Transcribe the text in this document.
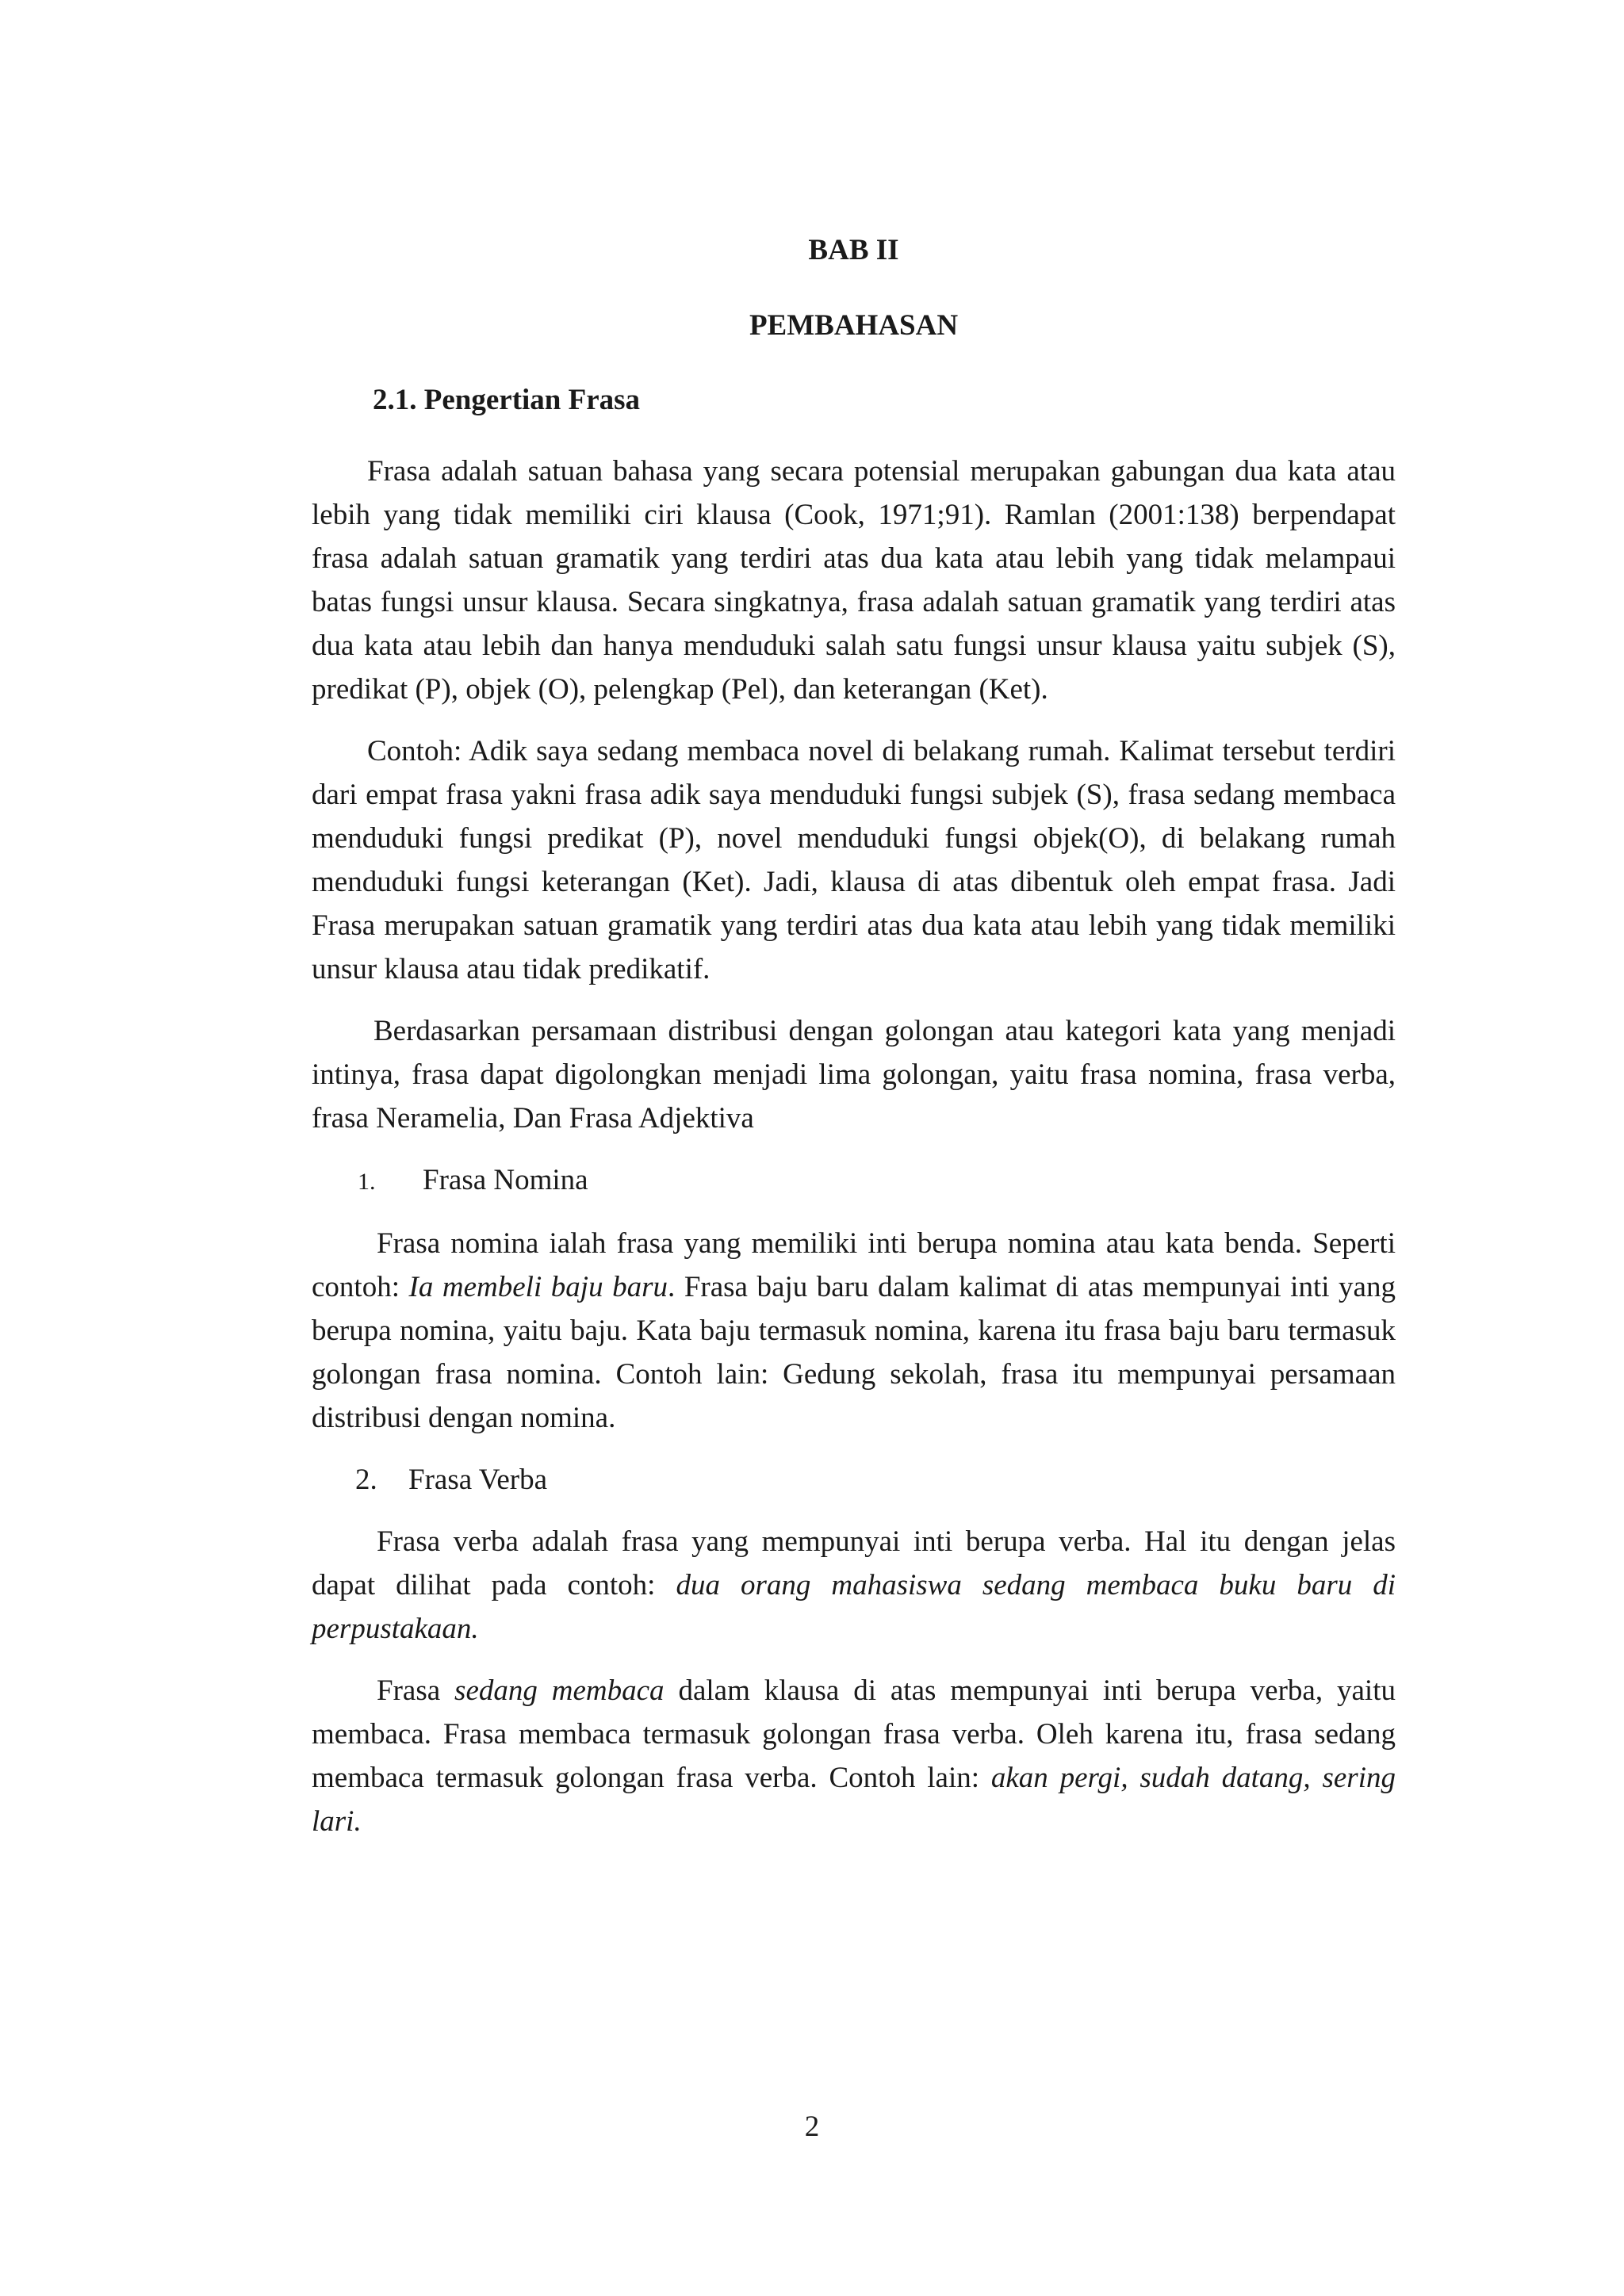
BAB II
PEMBAHASAN
2.1. Pengertian Frasa

Frasa adalah satuan bahasa yang secara potensial merupakan gabungan dua kata atau lebih yang tidak memiliki ciri klausa (Cook, 1971;91). Ramlan (2001:138) berpendapat frasa adalah satuan gramatik yang terdiri atas dua kata atau lebih yang tidak melampaui batas fungsi unsur klausa. Secara singkatnya, frasa adalah satuan gramatik yang terdiri atas dua kata atau lebih dan hanya menduduki salah satu fungsi unsur klausa yaitu subjek (S), predikat (P), objek (O), pelengkap (Pel), dan keterangan (Ket).

Contoh: Adik saya sedang membaca novel di belakang rumah. Kalimat tersebut terdiri dari empat frasa yakni frasa adik saya menduduki fungsi subjek (S), frasa sedang membaca menduduki fungsi predikat (P), novel menduduki fungsi objek(O), di belakang rumah menduduki fungsi keterangan (Ket). Jadi, klausa di atas dibentuk oleh empat frasa. Jadi Frasa merupakan satuan gramatik yang terdiri atas dua kata atau lebih yang tidak memiliki unsur klausa atau tidak predikatif.

Berdasarkan persamaan distribusi dengan golongan atau kategori kata yang menjadi intinya, frasa dapat digolongkan menjadi lima golongan, yaitu frasa nomina, frasa verba, frasa Neramelia, Dan Frasa Adjektiva

1.	Frasa Nomina

Frasa nomina ialah frasa yang memiliki inti berupa nomina atau kata benda. Seperti contoh: Ia membeli baju baru. Frasa baju baru dalam kalimat di atas mempunyai inti yang berupa nomina, yaitu baju. Kata baju termasuk nomina, karena itu frasa baju baru termasuk golongan frasa nomina. Contoh lain: Gedung sekolah, frasa itu mempunyai persamaan distribusi dengan nomina.

2.	Frasa Verba

Frasa verba adalah frasa yang mempunyai inti berupa verba. Hal itu dengan jelas dapat dilihat pada contoh: dua orang mahasiswa sedang membaca buku baru di perpustakaan.

Frasa sedang membaca dalam klausa di atas mempunyai inti berupa verba, yaitu membaca. Frasa membaca termasuk golongan frasa verba. Oleh karena itu, frasa sedang membaca termasuk golongan frasa verba. Contoh lain: akan pergi, sudah datang, sering lari.

2
